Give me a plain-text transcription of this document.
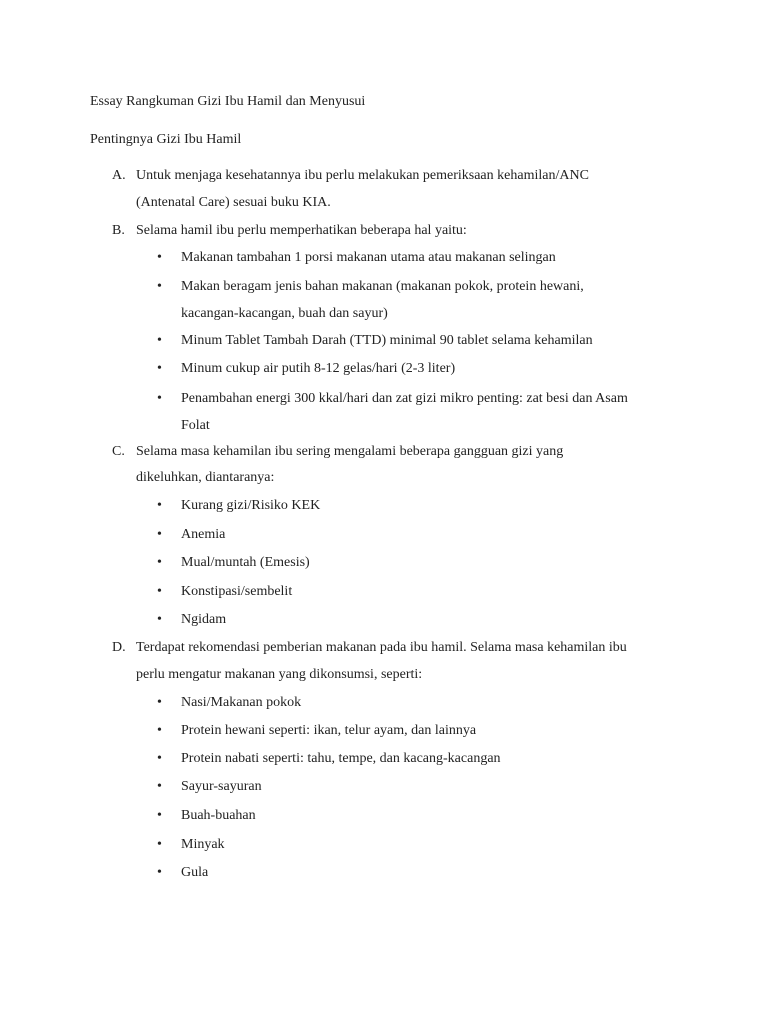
Essay Rangkuman Gizi Ibu Hamil dan Menyusui
Pentingnya Gizi Ibu Hamil
A. Untuk menjaga kesehatannya ibu perlu melakukan pemeriksaan kehamilan/ANC
(Antenatal Care) sesuai buku KIA.
B. Selama hamil ibu perlu memperhatikan beberapa hal yaitu:
• Makanan tambahan 1 porsi makanan utama atau makanan selingan
• Makan beragam jenis bahan makanan (makanan pokok, protein hewani,
kacangan-kacangan, buah dan sayur)
• Minum Tablet Tambah Darah (TTD) minimal 90 tablet selama kehamilan
• Minum cukup air putih 8-12 gelas/hari (2-3 liter)
• Penambahan energi 300 kkal/hari dan zat gizi mikro penting: zat besi dan Asam
Folat
C. Selama masa kehamilan ibu sering mengalami beberapa gangguan gizi yang
dikeluhkan, diantaranya:
• Kurang gizi/Risiko KEK
• Anemia
• Mual/muntah (Emesis)
• Konstipasi/sembelit
• Ngidam
D. Terdapat rekomendasi pemberian makanan pada ibu hamil. Selama masa kehamilan ibu
perlu mengatur makanan yang dikonsumsi, seperti:
• Nasi/Makanan pokok
• Protein hewani seperti: ikan, telur ayam, dan lainnya
• Protein nabati seperti: tahu, tempe, dan kacang-kacangan
• Sayur-sayuran
• Buah-buahan
• Minyak
• Gula
